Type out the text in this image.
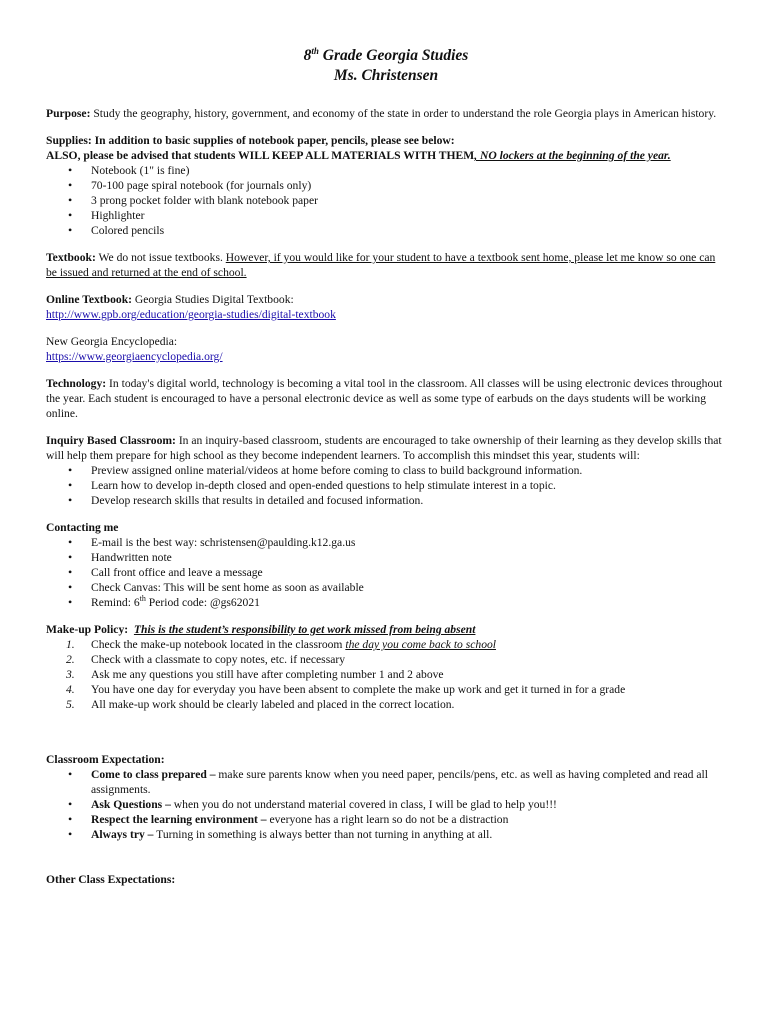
8th Grade Georgia Studies
Ms. Christensen
Purpose: Study the geography, history, government, and economy of the state in order to understand the role Georgia plays in American history.
Supplies: In addition to basic supplies of notebook paper, pencils, please see below:
ALSO, please be advised that students WILL KEEP ALL MATERIALS WITH THEM, NO lockers at the beginning of the year.
• Notebook (1" is fine)
• 70-100 page spiral notebook (for journals only)
• 3 prong pocket folder with blank notebook paper
• Highlighter
• Colored pencils
Textbook: We do not issue textbooks. However, if you would like for your student to have a textbook sent home, please let me know so one can be issued and returned at the end of school.
Online Textbook: Georgia Studies Digital Textbook:
http://www.gpb.org/education/georgia-studies/digital-textbook
New Georgia Encyclopedia:
https://www.georgiaencyclopedia.org/
Technology: In today's digital world, technology is becoming a vital tool in the classroom. All classes will be using electronic devices throughout the year. Each student is encouraged to have a personal electronic device as well as some type of earbuds on the days students will be working online.
Inquiry Based Classroom: In an inquiry-based classroom, students are encouraged to take ownership of their learning as they develop skills that will help them prepare for high school as they become independent learners. To accomplish this mindset this year, students will:
• Preview assigned online material/videos at home before coming to class to build background information.
• Learn how to develop in-depth closed and open-ended questions to help stimulate interest in a topic.
• Develop research skills that results in detailed and focused information.
Contacting me
• E-mail is the best way: schristensen@paulding.k12.ga.us
• Handwritten note
• Call front office and leave a message
• Check Canvas: This will be sent home as soon as available
• Remind: 6th Period code: @gs62021
Make-up Policy: This is the student’s responsibility to get work missed from being absent
1. Check the make-up notebook located in the classroom the day you come back to school
2. Check with a classmate to copy notes, etc. if necessary
3. Ask me any questions you still have after completing number 1 and 2 above
4. You have one day for everyday you have been absent to complete the make up work and get it turned in for a grade
5. All make-up work should be clearly labeled and placed in the correct location.
Classroom Expectation:
• Come to class prepared – make sure parents know when you need paper, pencils/pens, etc. as well as having completed and read all assignments.
• Ask Questions – when you do not understand material covered in class, I will be glad to help you!!!
• Respect the learning environment – everyone has a right learn so do not be a distraction
• Always try – Turning in something is always better than not turning in anything at all.
Other Class Expectations:
